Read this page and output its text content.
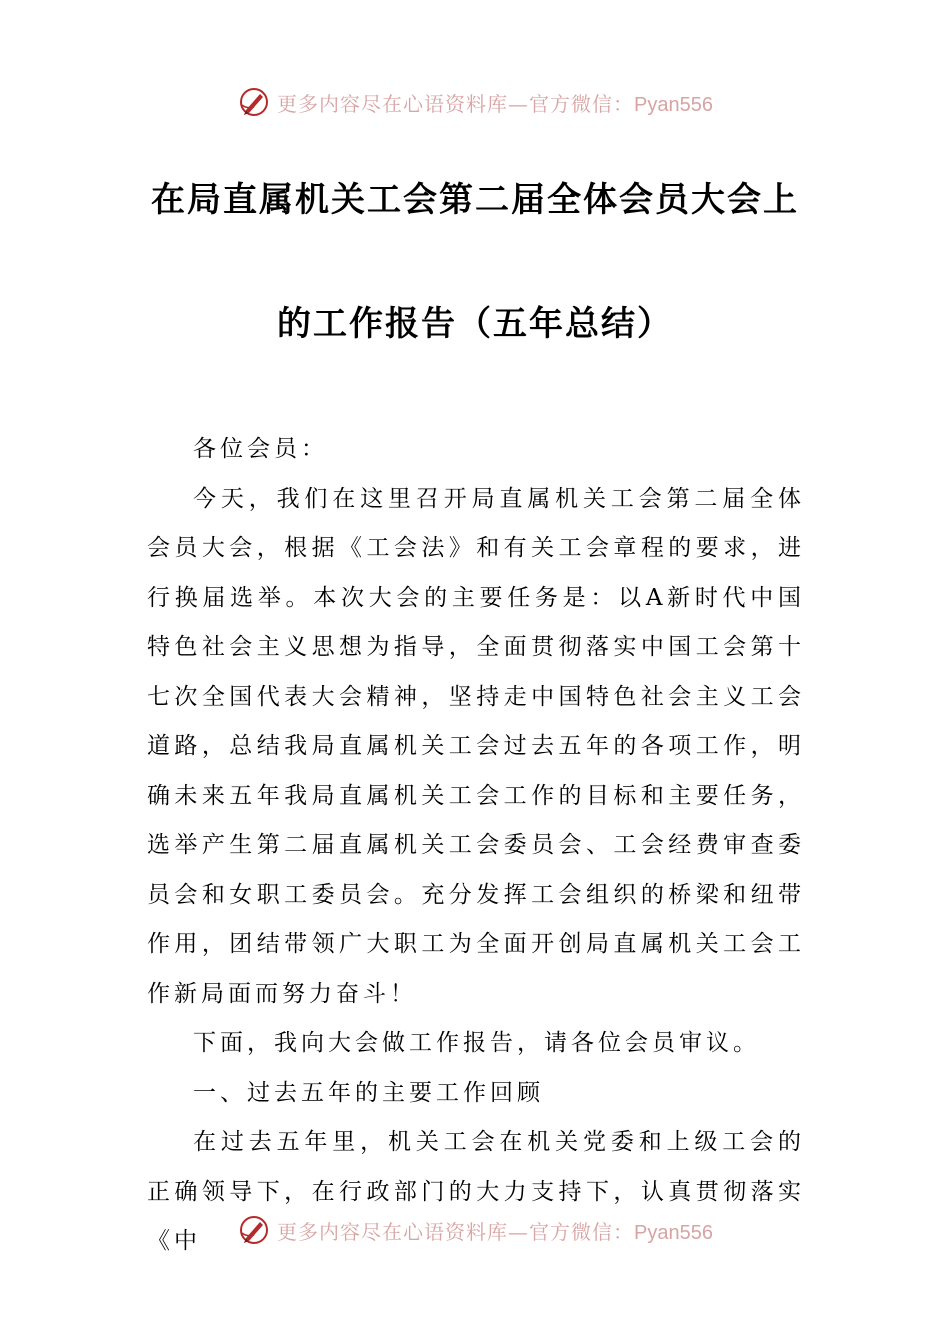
更多内容尽在心语资料库—官方微信：Pyan556
在局直属机关工会第二届全体会员大会上
的工作报告（五年总结）

各位会员：

今天，我们在这里召开局直属机关工会第二届全体会员大会，根据《工会法》和有关工会章程的要求，进行换届选举。本次大会的主要任务是：以A新时代中国特色社会主义思想为指导，全面贯彻落实中国工会第十七次全国代表大会精神，坚持走中国特色社会主义工会道路，总结我局直属机关工会过去五年的各项工作，明确未来五年我局直属机关工会工作的目标和主要任务，选举产生第二届直属机关工会委员会、工会经费审查委员会和女职工委员会。充分发挥工会组织的桥梁和纽带作用，团结带领广大职工为全面开创局直属机关工会工作新局面而努力奋斗！

下面，我向大会做工作报告，请各位会员审议。

一、过去五年的主要工作回顾

在过去五年里，机关工会在机关党委和上级工会的正确领导下，在行政部门的大力支持下，认真贯彻落实《中	更多内容尽在心语资料库—官方微信：Pyan556
